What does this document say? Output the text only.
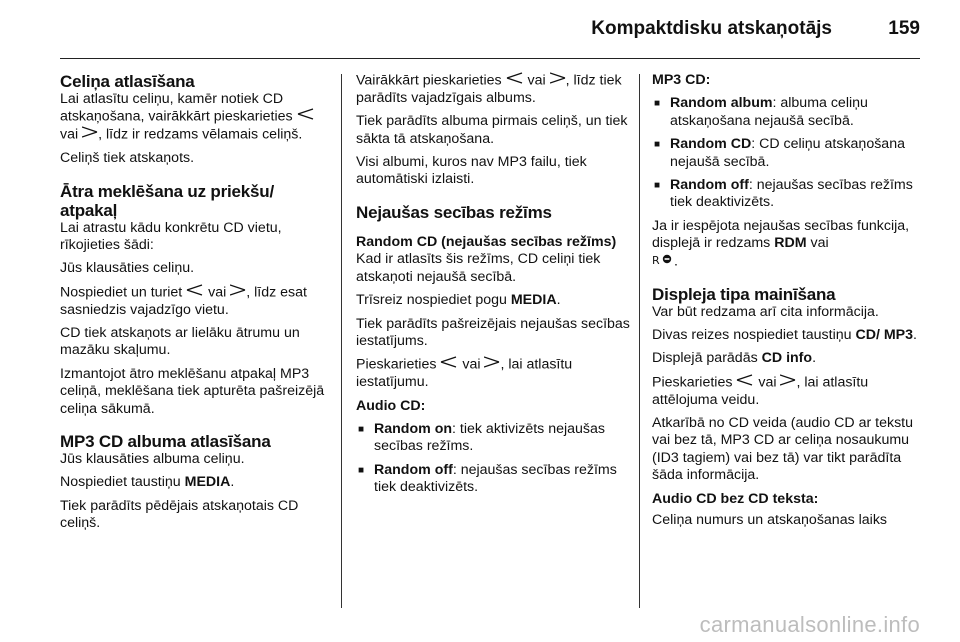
Kompaktdisku atskaņotājs	159
Celiņa atlasīšana

Lai atlasītu celiņu, kamēr notiek CD atskaņošana, vairākkārt pieskarieties  vai , līdz ir redzams vēlamais celiņš.

Celiņš tiek atskaņots.

Ātra meklēšana uz priekšu/ atpakaļ

Lai atrastu kādu konkrētu CD vietu, rīkojieties šādi:

Jūs klausāties celiņu.

Nospiediet un turiet vai , līdz esat sasniedzis vajadzīgo vietu.

CD tiek atskaņots ar lielāku ātrumu un mazāku skaļumu.

Izmantojot ātro meklēšanu atpakaļ MP3 celiņā, meklēšana tiek apturēta pašreizējā celiņa sākumā.

MP3 CD albuma atlasīšana

Jūs klausāties albuma celiņu.

Nospiediet taustiņu MEDIA.

Tiek parādīts pēdējais atskaņotais CD celiņš.

Vairākkārt pieskarieties vai , līdz tiek parādīts vajadzīgais albums.

Tiek parādīts albuma pirmais celiņš, un tiek sākta tā atskaņošana.

Visi albumi, kuros nav MP3 failu, tiek automātiski izlaisti.

Nejaušas secības režīms
Random CD (nejaušas secības režīms)

Kad ir atlasīts šis režīms, CD celiņi tiek atskaņoti nejaušā secībā.

Trīsreiz nospiediet pogu MEDIA.

Tiek parādīts pašreizējais nejaušas secības iestatījums.

Pieskarieties vai , lai atlasītu iestatījumu.

Audio CD:
■ Random on: tiek aktivizēts nejaušas secības režīms.
■ Random off: nejaušas secības režīms tiek deaktivizēts.
MP3 CD:
■ Random album: albuma celiņu atskaņošana nejaušā secībā.
■ Random CD: CD celiņu atskaņošana nejaušā secībā.
■ Random off: nejaušas secības režīms tiek deaktivizēts.

Ja ir iespējota nejaušas secības funkcija, displejā ir redzams RDM vai

R .

Displeja tipa mainīšana

Var būt redzama arī cita informācija.

Divas reizes nospiediet taustiņu CD/ MP3.

Displejā parādās CD info.

Pieskarieties vai , lai atlasītu attēlojuma veidu.

Atkarībā no CD veida (audio CD ar tekstu vai bez tā, MP3 CD ar celiņa nosaukumu (ID3 tagiem) vai bez tā) var tikt parādīta šāda informācija.

Audio CD bez CD teksta:

Celiņa numurs un atskaņošanas laiks

carmanualsonline.info
